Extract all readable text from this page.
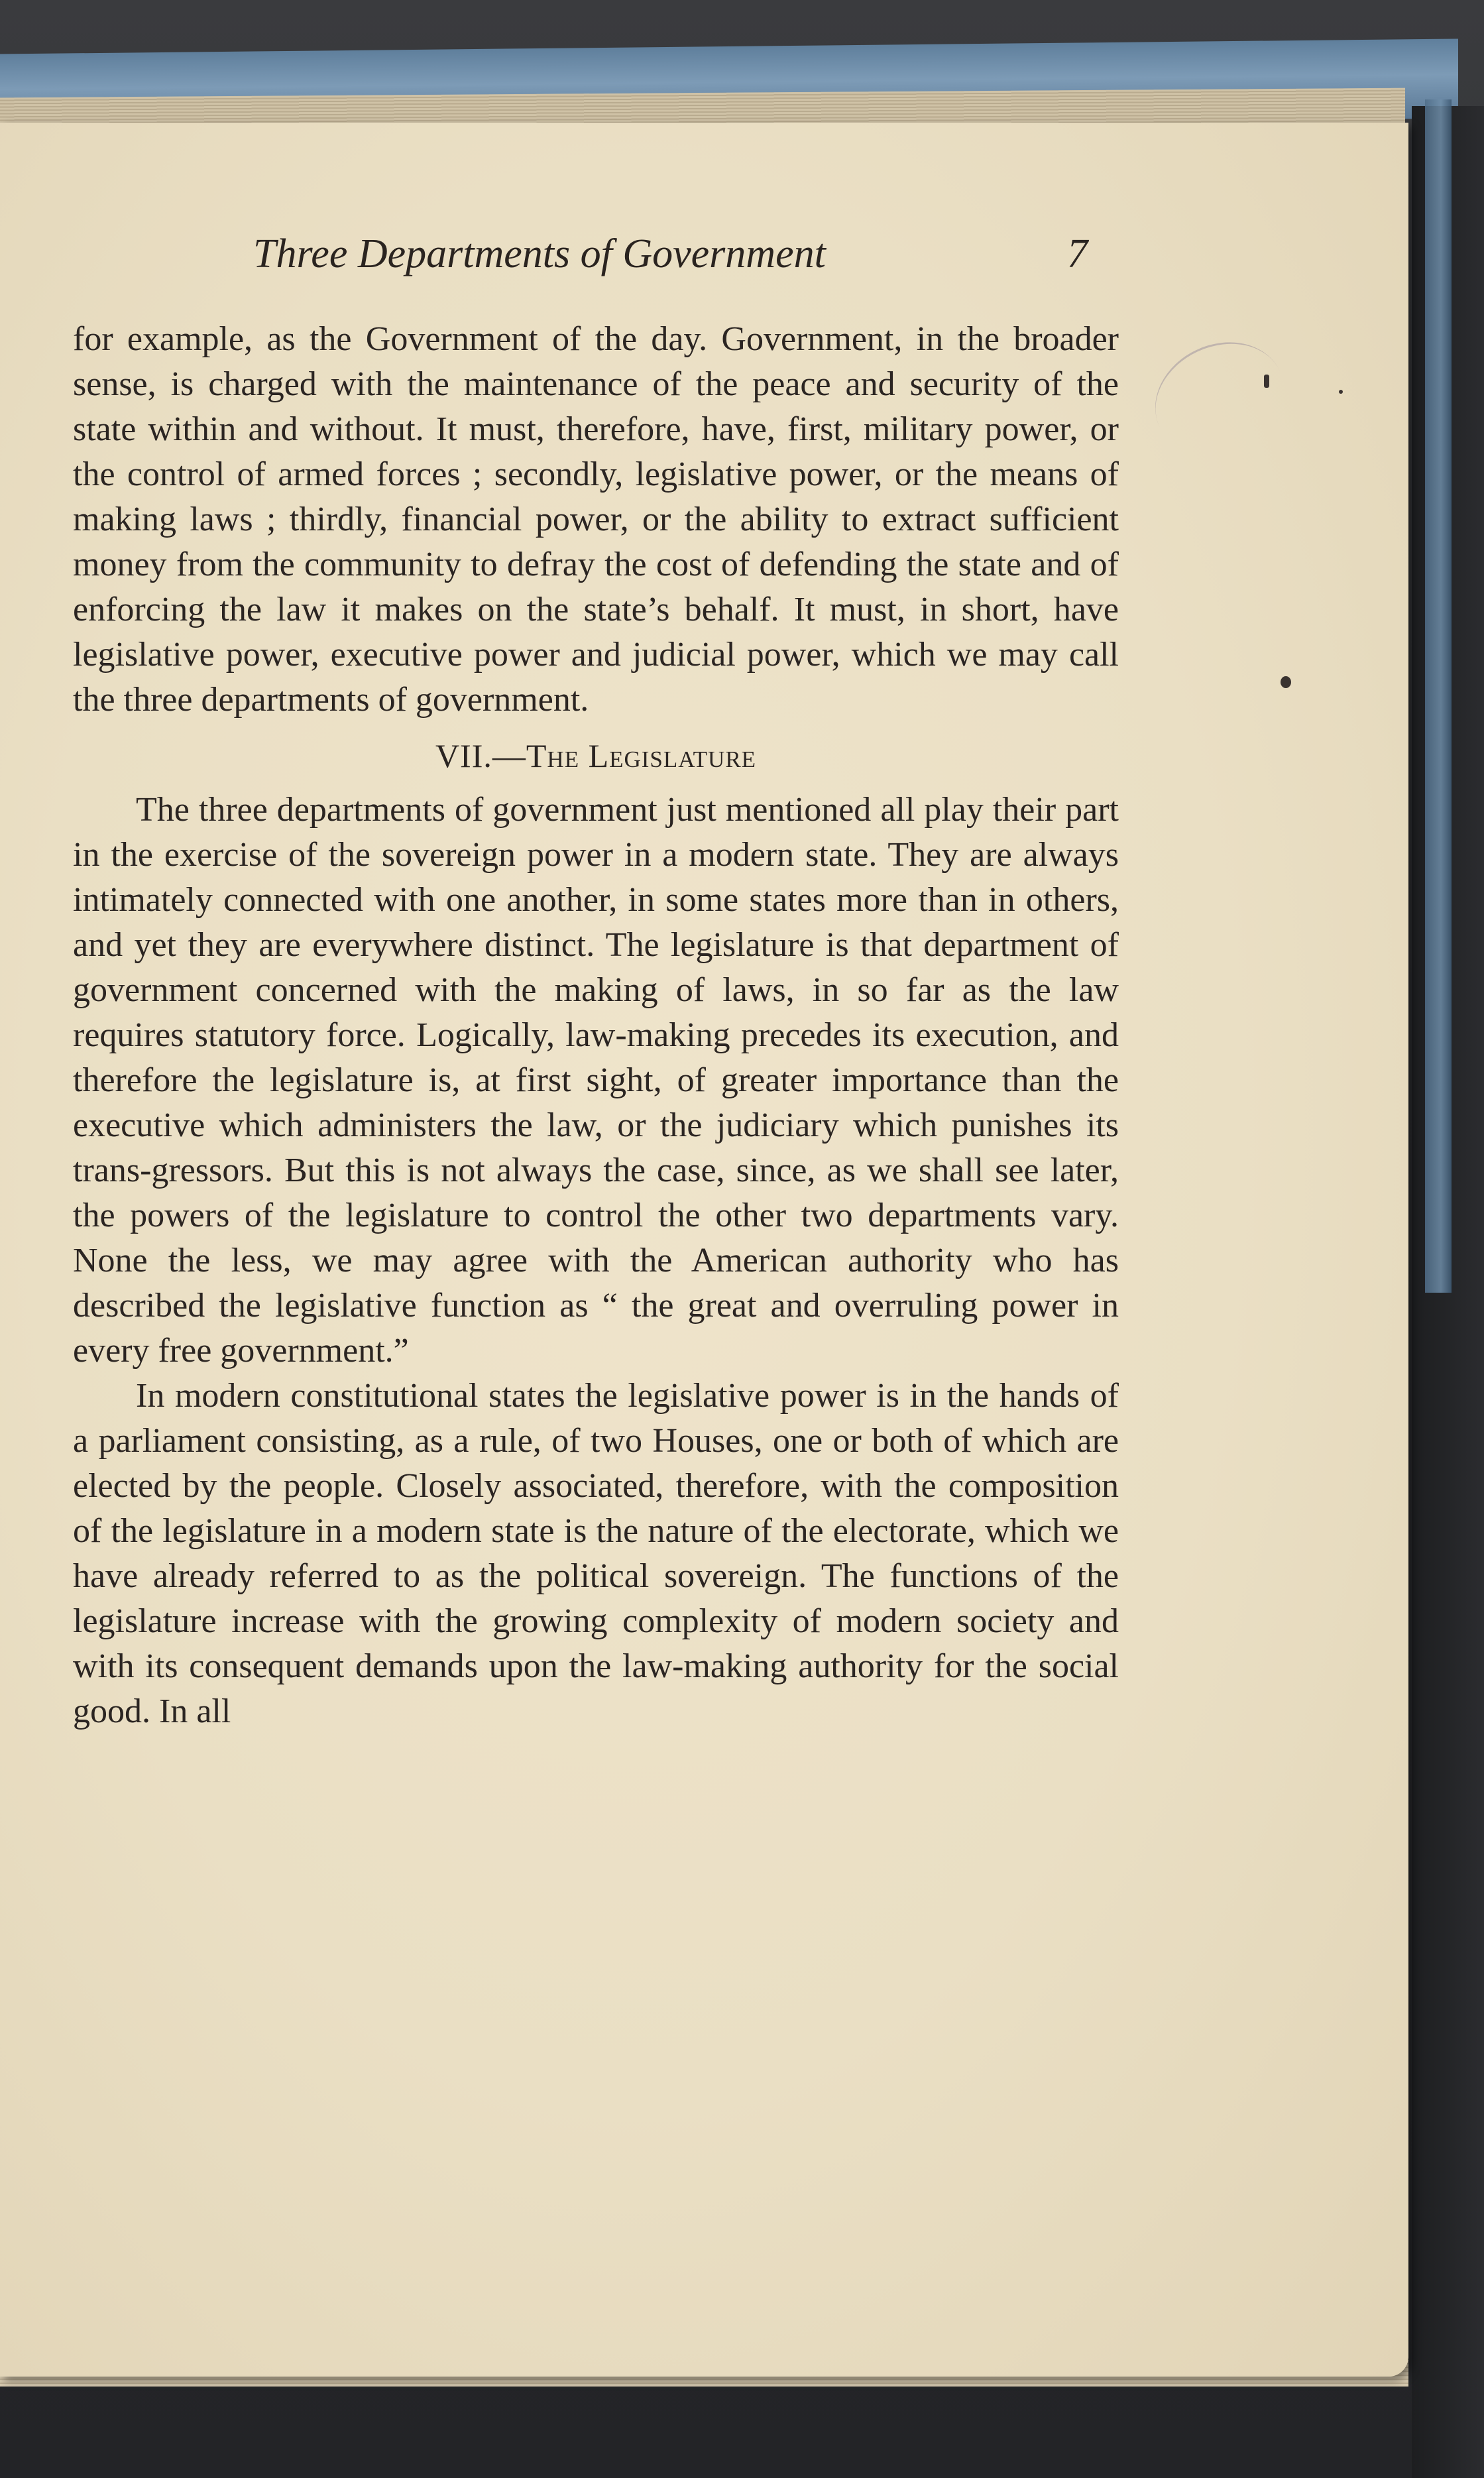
Three Departments of Government	7

for example, as the Government of the day. Government, in the broader sense, is charged with the maintenance of the peace and security of the state within and without. It must, therefore, have, first, military power, or the control of armed forces ; secondly, legislative power, or the means of making laws ; thirdly, financial power, or the ability to extract sufficient money from the community to defray the cost of defending the state and of enforcing the law it makes on the state’s behalf. It must, in short, have legislative power, executive power and judicial power, which we may call the three departments of government.

VII.—The Legislature

The three departments of government just mentioned all play their part in the exercise of the sovereign power in a modern state. They are always intimately connected with one another, in some states more than in others, and yet they are everywhere distinct. The legislature is that department of government concerned with the making of laws, in so far as the law requires statutory force. Logically, law-making precedes its execution, and therefore the legislature is, at first sight, of greater importance than the executive which administers the law, or the judiciary which punishes its trans-gressors. But this is not always the case, since, as we shall see later, the powers of the legislature to control the other two departments vary. None the less, we may agree with the American authority who has described the legislative function as “ the great and overruling power in every free government.”

In modern constitutional states the legislative power is in the hands of a parliament consisting, as a rule, of two Houses, one or both of which are elected by the people. Closely associated, therefore, with the composition of the legislature in a modern state is the nature of the electorate, which we have already referred to as the political sovereign. The functions of the legislature increase with the growing complexity of modern society and with its consequent demands upon the law-making authority for the social good. In all
